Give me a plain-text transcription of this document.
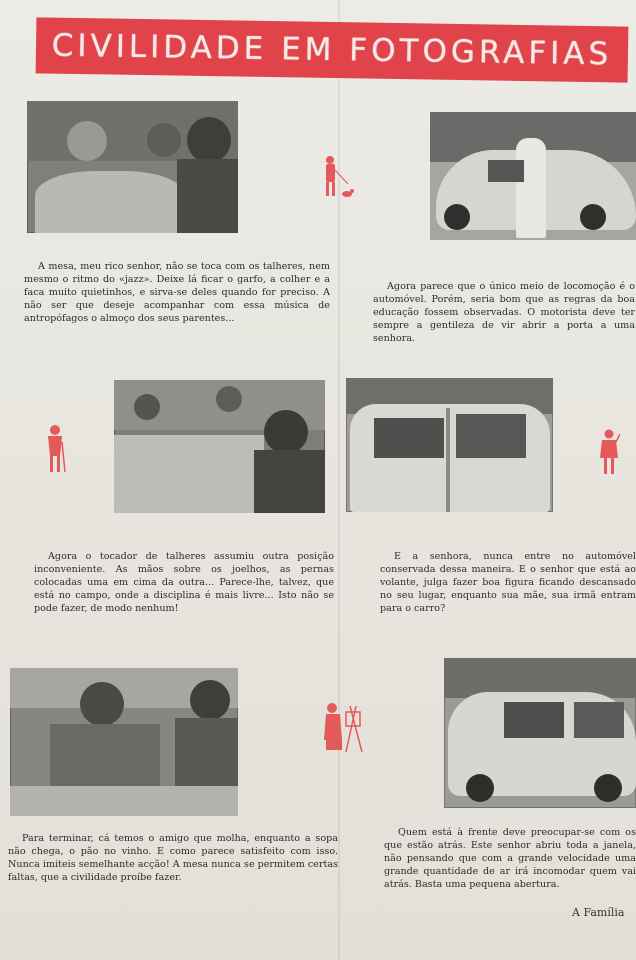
CIVILIDADE EM FOTOGRAFIAS

A mesa, meu rico senhor, não se toca com os talheres, nem mesmo o ritmo do «jazz». Deixe lá ficar o garfo, a colher e a faca muito quietinhos, e sirva-se deles quando for preciso. A não ser que deseje acompanhar com essa música de antropófagos o almoço dos seus parentes...

Agora parece que o único meio de locomoção é o automóvel. Porém, seria bom que as regras da boa educação fossem observadas. O motorista deve ter sempre a gentileza de vir abrir a porta a uma senhora.

Agora o tocador de talheres assumiu outra posição inconveniente. As mãos sobre os joelhos, as pernas colocadas uma em cima da outra... Parece-lhe, talvez, que está no campo, onde a disciplina é mais livre... Isto não se pode fazer, de modo nenhum!

E a senhora, nunca entre no automóvel conservada dessa maneira. E o senhor que está ao volante, julga fazer boa figura ficando descansado no seu lugar, enquanto sua mãe, sua irmã entram para o carro?

Para terminar, cá temos o amigo que molha, enquanto a sopa não chega, o pão no vinho. E como parece satisfeito com isso. Nunca imiteis semelhante acção! A mesa nunca se permitem certas faltas, que a civilidade proíbe fazer.

Quem está à frente deve preocupar-se com os que estão atrás. Este senhor abriu toda a janela, não pensando que com a grande velocidade uma grande quantidade de ar irá incomodar quem vai atrás. Basta uma pequena abertura.

A Família
